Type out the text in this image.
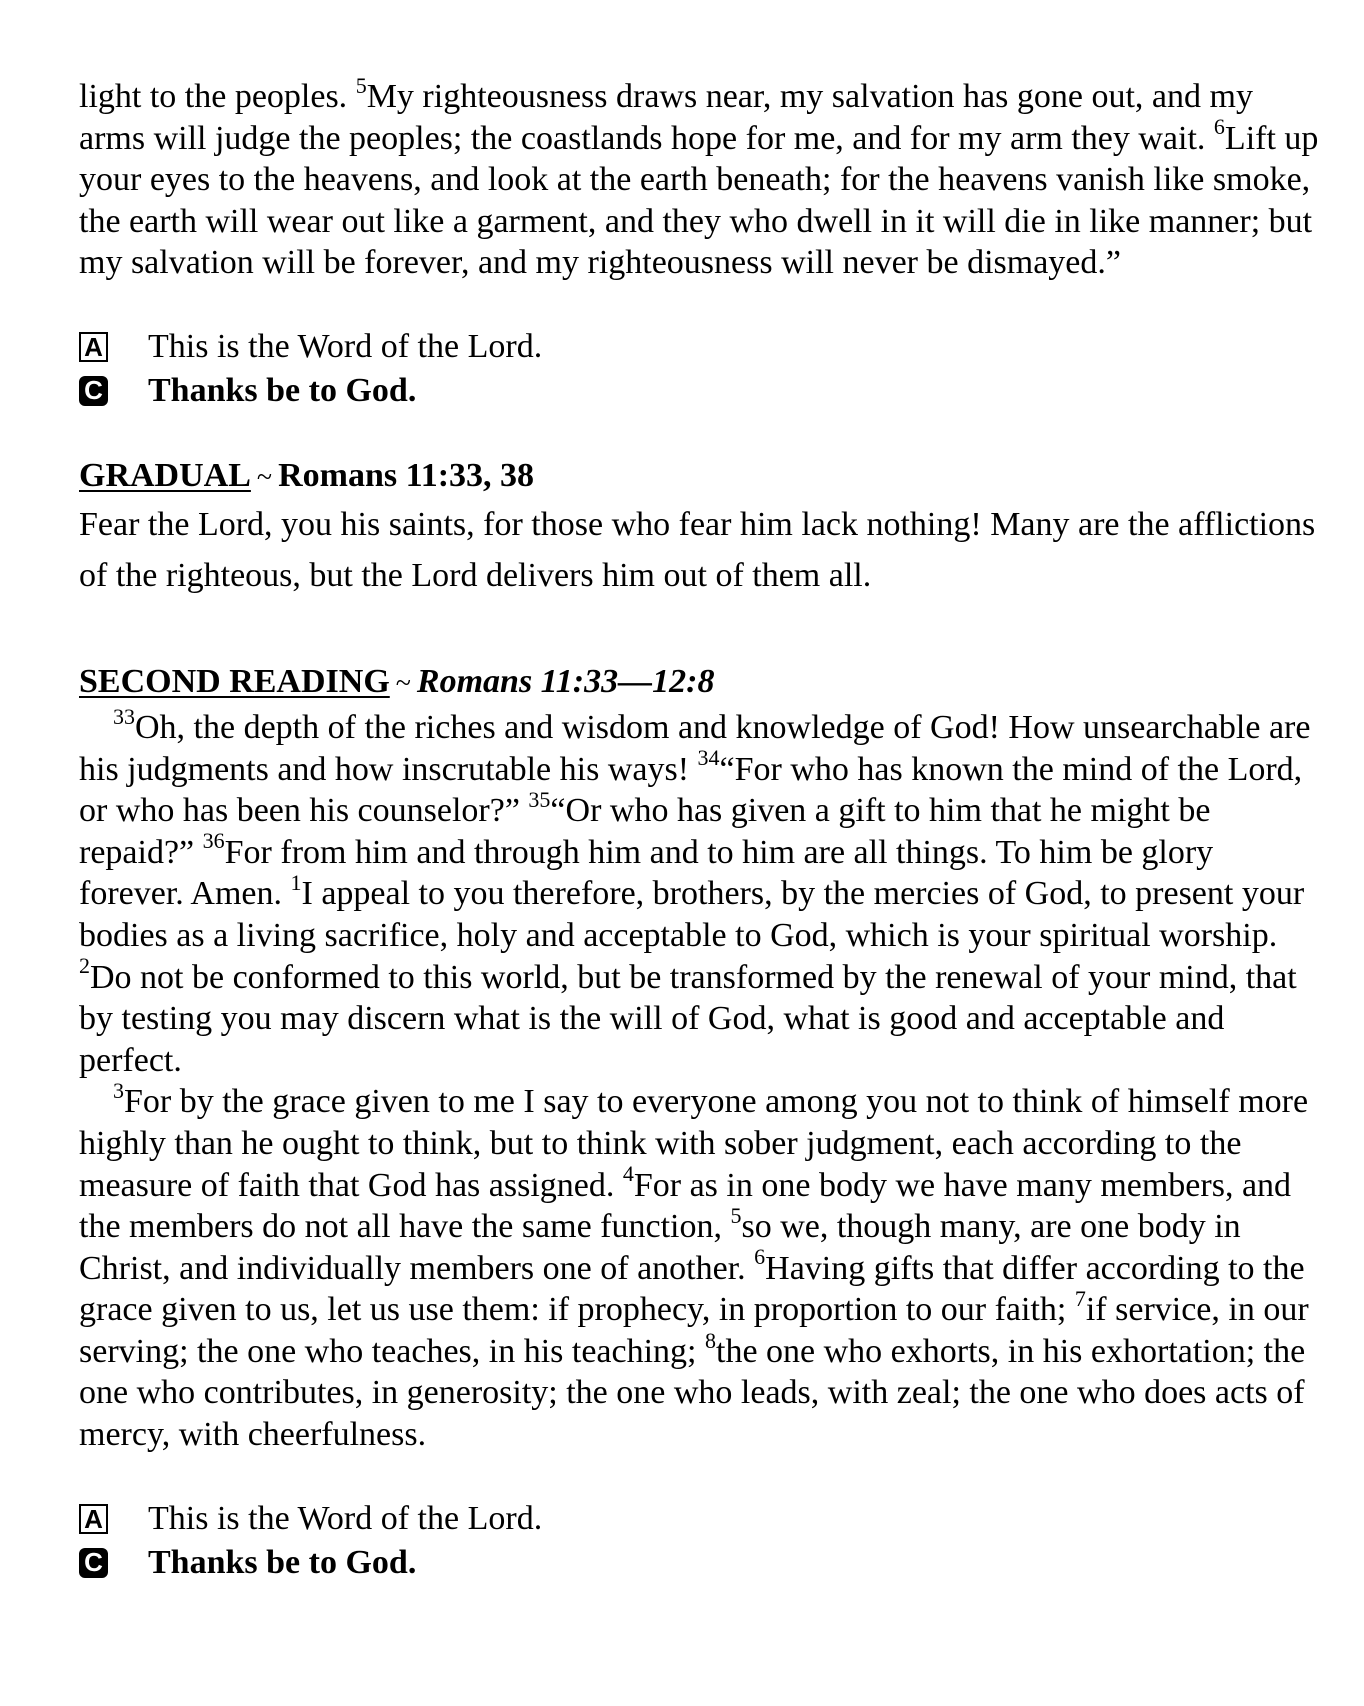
light to the peoples. $^5$My righteousness draws near, my salvation has gone out, and my arms will judge the peoples; the coastlands hope for me, and for my arm they wait. $^6$Lift up your eyes to the heavens, and look at the earth beneath; for the heavens vanish like smoke, the earth will wear out like a garment, and they who dwell in it will die in like manner; but my salvation will be forever, and my righteousness will never be dismayed.”

A This is the Word of the Lord.

C Thanks be to God.

GRADUAL ~ Romans 11:33, 38

Fear the Lord, you his saints, for those who fear him lack nothing! Many are the afflictions of the righteous, but the Lord delivers him out of them all.

SECOND READING ~ Romans 11:33—12:8

$^{33}$Oh, the depth of the riches and wisdom and knowledge of God! How unsearchable are his judgments and how inscrutable his ways! $^{34}$“For who has known the mind of the Lord, or who has been his counselor?” $^{35}$“Or who has given a gift to him that he might be repaid?” $^{36}$For from him and through him and to him are all things. To him be glory forever. Amen. $^1$I appeal to you therefore, brothers, by the mercies of God, to present your bodies as a living sacrifice, holy and acceptable to God, which is your spiritual worship. $^2$Do not be conformed to this world, but be transformed by the renewal of your mind, that by testing you may discern what is the will of God, what is good and acceptable and perfect.

$^3$For by the grace given to me I say to everyone among you not to think of himself more highly than he ought to think, but to think with sober judgment, each according to the measure of faith that God has assigned. $^4$For as in one body we have many members, and the members do not all have the same function, $^5$so we, though many, are one body in Christ, and individually members one of another. $^6$Having gifts that differ according to the grace given to us, let us use them: if prophecy, in proportion to our faith; $^7$if service, in our serving; the one who teaches, in his teaching; $^8$the one who exhorts, in his exhortation; the one who contributes, in generosity; the one who leads, with zeal; the one who does acts of mercy, with cheerfulness.

A This is the Word of the Lord.

C Thanks be to God.
